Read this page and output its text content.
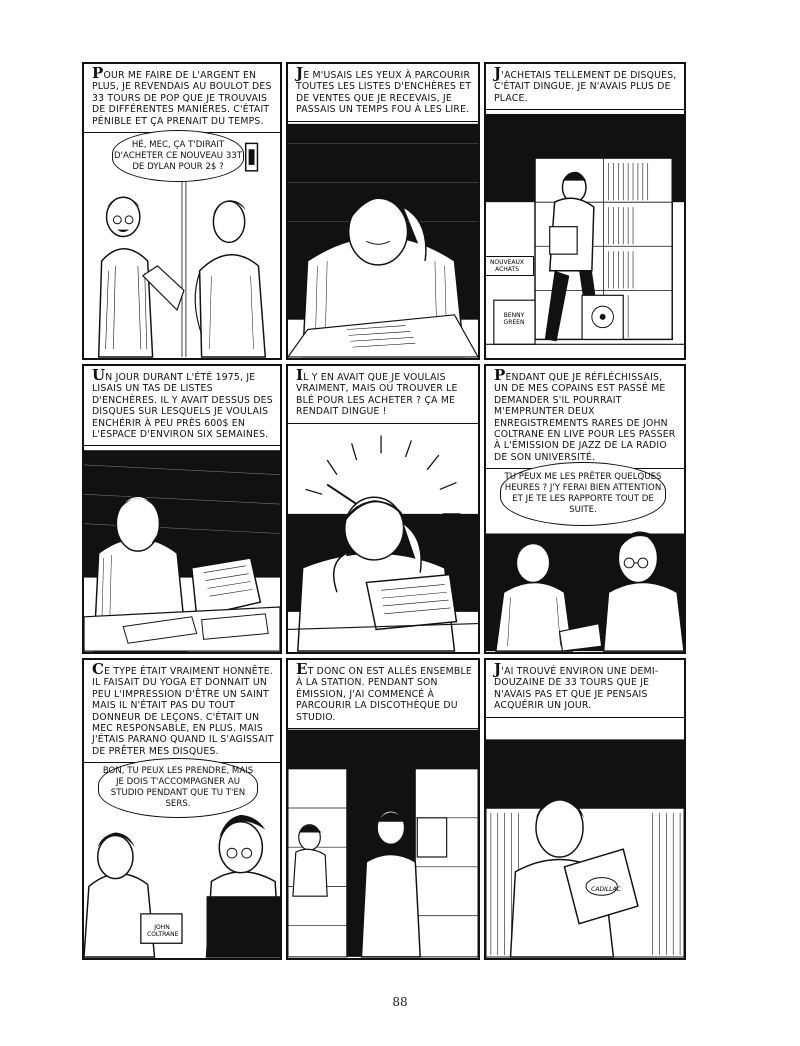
POUR ME FAIRE DE L'ARGENT EN PLUS, JE REVENDAIS AU BOULOT DES 33 TOURS DE POP QUE JE TROUVAIS DE DIFFÉRENTES MANIÈRES. C'ÉTAIT PÉNIBLE ET ÇA PRENAIT DU TEMPS.
HÉ, MEC, ÇA T'DIRAIT D'ACHETER CE NOUVEAU 33T DE DYLAN POUR 2$ ?
JE M'USAIS LES YEUX À PARCOURIR TOUTES LES LISTES D'ENCHÈRES ET DE VENTES QUE JE RECEVAIS, JE PASSAIS UN TEMPS FOU À LES LIRE.
J'ACHETAIS TELLEMENT DE DISQUES, C'ÉTAIT DINGUE. JE N'AVAIS PLUS DE PLACE.
NOUVEAUX ACHATS
BENNY GREEN
UN JOUR DURANT L'ÉTÉ 1975, JE LISAIS UN TAS DE LISTES D'ENCHÈRES. IL Y AVAIT DESSUS DES DISQUES SUR LESQUELS JE VOULAIS ENCHÉRIR À PEU PRÈS 600$ EN L'ESPACE D'ENVIRON SIX SEMAINES.
IL Y EN AVAIT QUE JE VOULAIS VRAIMENT, MAIS OÙ TROUVER LE BLÉ POUR LES ACHETER ? ÇA ME RENDAIT DINGUE !
PENDANT QUE JE RÉFLÉCHISSAIS, UN DE MES COPAINS EST PASSÉ ME DEMANDER S'IL POURRAIT M'EMPRUNTER DEUX ENREGISTREMENTS RARES DE JOHN COLTRANE EN LIVE POUR LES PASSER À L'ÉMISSION DE JAZZ DE LA RADIO DE SON UNIVERSITÉ.
TU PEUX ME LES PRÊTER QUELQUES HEURES ? J'Y FERAI BIEN ATTENTION ET JE TE LES RAPPORTE TOUT DE SUITE.
CE TYPE ÉTAIT VRAIMENT HONNÊTE. IL FAISAIT DU YOGA ET DONNAIT UN PEU L'IMPRESSION D'ÊTRE UN SAINT MAIS IL N'ÉTAIT PAS DU TOUT DONNEUR DE LEÇONS. C'ÉTAIT UN MEC RESPONSABLE, EN PLUS. MAIS J'ÉTAIS PARANO QUAND IL S'AGISSAIT DE PRÊTER MES DISQUES.
BON, TU PEUX LES PRENDRE, MAIS JE DOIS T'ACCOMPAGNER AU STUDIO PENDANT QUE TU T'EN SERS.
JOHN COLTRANE
ET DONC ON EST ALLÉS ENSEMBLE À LA STATION. PENDANT SON ÉMISSION, J'AI COMMENCÉ À PARCOURIR LA DISCOTHÈQUE DU STUDIO.
J'AI TROUVÉ ENVIRON UNE DEMI-DOUZAINE DE 33 TOURS QUE JE N'AVAIS PAS ET QUE JE PENSAIS ACQUÉRIR UN JOUR.
CADILLAC
88
